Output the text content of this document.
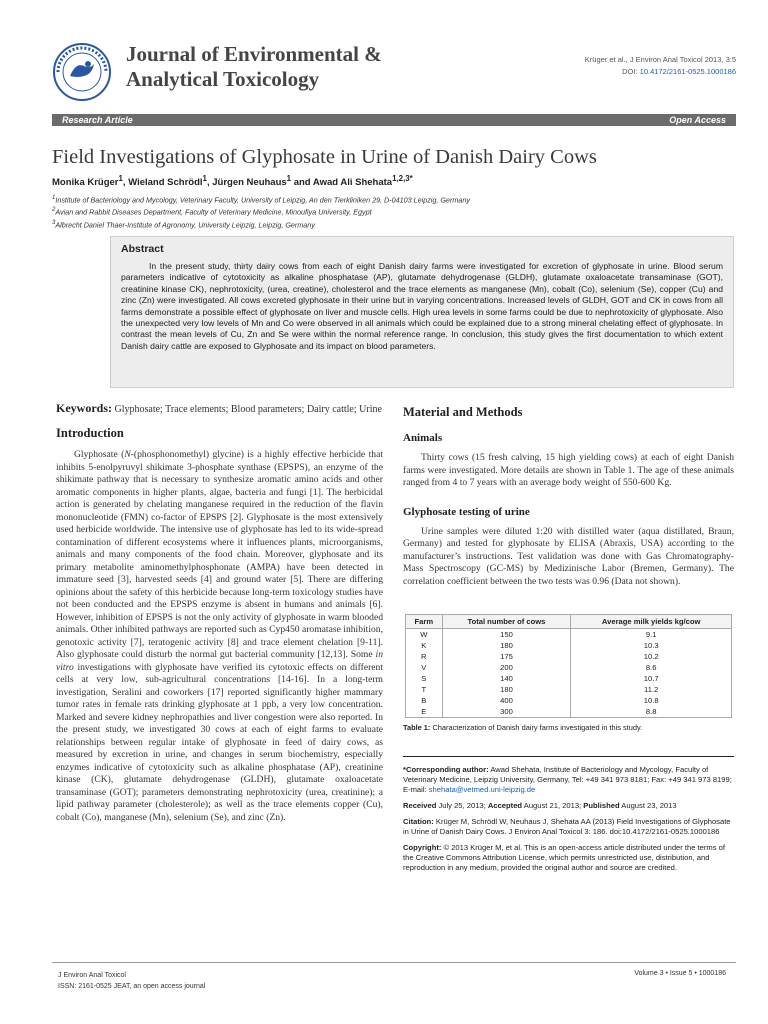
Journal of Environmental &
Analytical Toxicology
Krüger et al., J Environ Anal Toxicol 2013, 3:5
DOI: 10.4172/2161-0525.1000186
Research Article	Open Access
Field Investigations of Glyphosate in Urine of Danish Dairy Cows
Monika Krüger$^1$, Wieland Schrödl$^1$, Jürgen Neuhaus$^1$ and Awad Ali Shehata$^{1,2,3*}$
$^1$Institute of Bacteriology and Mycology, Veterinary Faculty, University of Leipzig, An den Tierkliniken 29, D-04103 Leipzig, Germany
$^2$Avian and Rabbit Diseases Department, Faculty of Veterinary Medicine, Minoufiya University, Egypt
$^3$Albrecht Daniel Thaer-Institute of Agronomy, University Leipzig, Leipzig, Germany
Abstract

In the present study, thirty dairy cows from each of eight Danish dairy farms were investigated for excretion of glyphosate in urine. Blood serum parameters indicative of cytotoxicity as alkaline phosphatase (AP), glutamate dehydrogenase (GLDH), glutamate oxaloacetate transaminase (GOT), creatinine kinase CK), nephrotoxicity, (urea, creatine), cholesterol and the trace elements as manganese (Mn), cobalt (Co), selenium (Se), copper (Cu) and zinc (Zn) were investigated. All cows excreted glyphosate in their urine but in varying concentrations. Increased levels of GLDH, GOT and CK in cows from all farms demonstrate a possible effect of glyphosate on liver and muscle cells. High urea levels in some farms could be due to nephrotoxicity of glyphosate. Also the unexpected very low levels of Mn and Co were observed in all animals which could be explained due to a strong mineral chelating effect of glyphosate. In contrast the mean levels of Cu, Zn and Se were within the normal reference range. In conclusion, this study gives the first documentation to which extent Danish dairy cattle are exposed to Glyphosate and its impact on blood parameters.

Keywords: Glyphosate; Trace elements; Blood parameters; Dairy cattle; Urine
Introduction

Glyphosate (N-(phosphonomethyl) glycine) is a highly effective herbicide that inhibits 5-enolpyruvyl shikimate 3-phosphate synthase (EPSPS), an enzyme of the shikimate pathway that is necessary to synthesize aromatic amino acids and other aromatic components in higher plants, algae, bacteria and fungi [1]. The herbicidal action is generated by chelating manganese required in the reduction of the flavin mononucleotide (FMN) co-factor of EPSPS [2]. Glyphosate is the most extensively used herbicide worldwide. The intensive use of glyphosate has led to its wide-spread contamination of different ecosystems where it influences plants, microorganisms, animals and many components of the food chain. Moreover, glyphosate and its primary metabolite aminomethylphosphonate (AMPA) have been detected in immature seed [3], harvested seeds [4] and ground water [5]. There are differing opinions about the safety of this herbicide because long-term toxicology studies have not been conducted and the EPSPS enzyme is absent in humans and animals [6]. However, inhibition of EPSPS is not the only activity of glyphosate in warm blooded animals. Other inhibited pathways are reported such as Cyp450 aromatase inhibition, genotoxic activity [7], teratogenic activity [8] and trace element chelation [9-11]. Also glyphosate could disturb the normal gut bacterial community [12,13]. Some in vitro investigations with glyphosate have verified its cytotoxic effects on different cells at very low, sub-agricultural concentrations [14-16]. In a long-term investigation, Seralini and coworkers [17] reported significantly higher mammary tumor rates in female rats drinking glyphosate at 1 ppb, a very low concentration. Marked and severe kidney nephropathies and liver congestion were also reported. In the present study, we investigated 30 cows at each of eight farms to evaluate relationships between regular intake of glyphosate in feed of dairy cows, as measured by excretion in urine, and changes in serum biochemistry, especially enzymes indicative of cytotoxicity such as alkaline phosphatase (AP), creatinine kinase (CK), glutamate dehydrogenase (GLDH), glutamate oxaloacetate transaminase (GOT); parameters demonstrating nephrotoxicity (urea, creatinine); a lipid pathway parameter (cholesterole); as well as the trace elements copper (Cu), cobalt (Co), manganese (Mn), selenium (Se), and zinc (Zn).

Material and Methods
Animals

Thirty cows (15 fresh calving, 15 high yielding cows) at each of eight Danish farms were investigated. More details are shown in Table 1. The age of these animals ranged from 4 to 7 years with an average body weight of 550-600 Kg.

Glyphosate testing of urine

Urine samples were diluted 1:20 with distilled water (aqua distillated, Braun, Germany) and tested for glyphosate by ELISA (Abraxis, USA) according to the manufacturer’s instructions. Test validation was done with Gas Chromatography-Mass Spectroscopy (GC-MS) by Medizinische Labor (Bremen, Germany). The correlation coefficient between the two tests was 0.96 (Data not shown).

Farm	Total number of cows	Average milk yields kg/cow
W	150	9.1
K	180	10.3
R	175	10.2
V	200	8.6
S	140	10.7
T	180	11.2
B	400	10.8
E	300	8.8
Table 1: Characterization of Danish dairy farms investigated in this study.
*Corresponding author: Awad Shehata, Institute of Bacteriology and Mycology, Faculty of Veterinary Medicine, Leipzig University, Germany, Tel: +49 341 973 8181; Fax: +49 341 973 8199; E-mail: shehata@vetmed.uni-leipzig.de
Received July 25, 2013; Accepted August 21, 2013; Published August 23, 2013
Citation: Krüger M, Schrödl W, Neuhaus J, Shehata AA (2013) Field Investigations of Glyphosate in Urine of Danish Dairy Cows. J Environ Anal Toxicol 3: 186. doi:10.4172/2161-0525.1000186
Copyright: © 2013 Krüger M, et al. This is an open-access article distributed under the terms of the Creative Commons Attribution License, which permits unrestricted use, distribution, and reproduction in any medium, provided the original author and source are credited.
J Environ Anal Toxicol
ISSN: 2161-0525 JEAT, an open access journal
Volume 3 • Issue 5 • 1000186
